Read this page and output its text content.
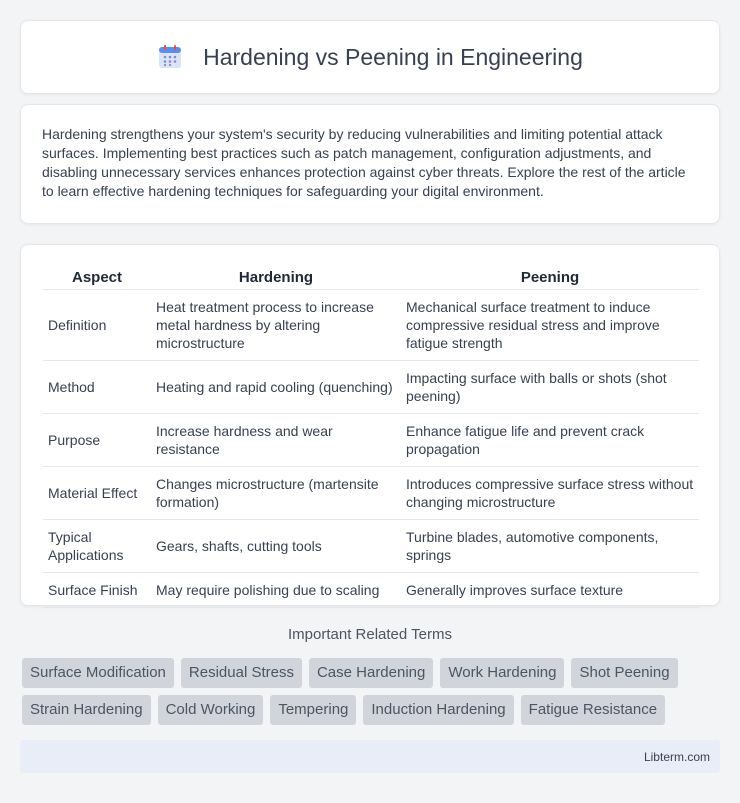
Hardening vs Peening in Engineering

Hardening strengthens your system's security by reducing vulnerabilities and limiting potential attack surfaces. Implementing best practices such as patch management, configuration adjustments, and disabling unnecessary services enhances protection against cyber threats. Explore the rest of the article to learn effective hardening techniques for safeguarding your digital environment.

Aspect	Hardening	Peening
Definition	Heat treatment process to increase metal hardness by altering microstructure	Mechanical surface treatment to induce compressive residual stress and improve fatigue strength
Method	Heating and rapid cooling (quenching)	Impacting surface with balls or shots (shot peening)
Purpose	Increase hardness and wear resistance	Enhance fatigue life and prevent crack propagation
Material Effect	Changes microstructure (martensite formation)	Introduces compressive surface stress without changing microstructure
Typical Applications	Gears, shafts, cutting tools	Turbine blades, automotive components, springs
Surface Finish	May require polishing due to scaling	Generally improves surface texture
Important Related Terms
Surface Modification	Residual Stress	Case Hardening	Work Hardening	Shot Peening
Strain Hardening	Cold Working	Tempering	Induction Hardening	Fatigue Resistance
Libterm.com
